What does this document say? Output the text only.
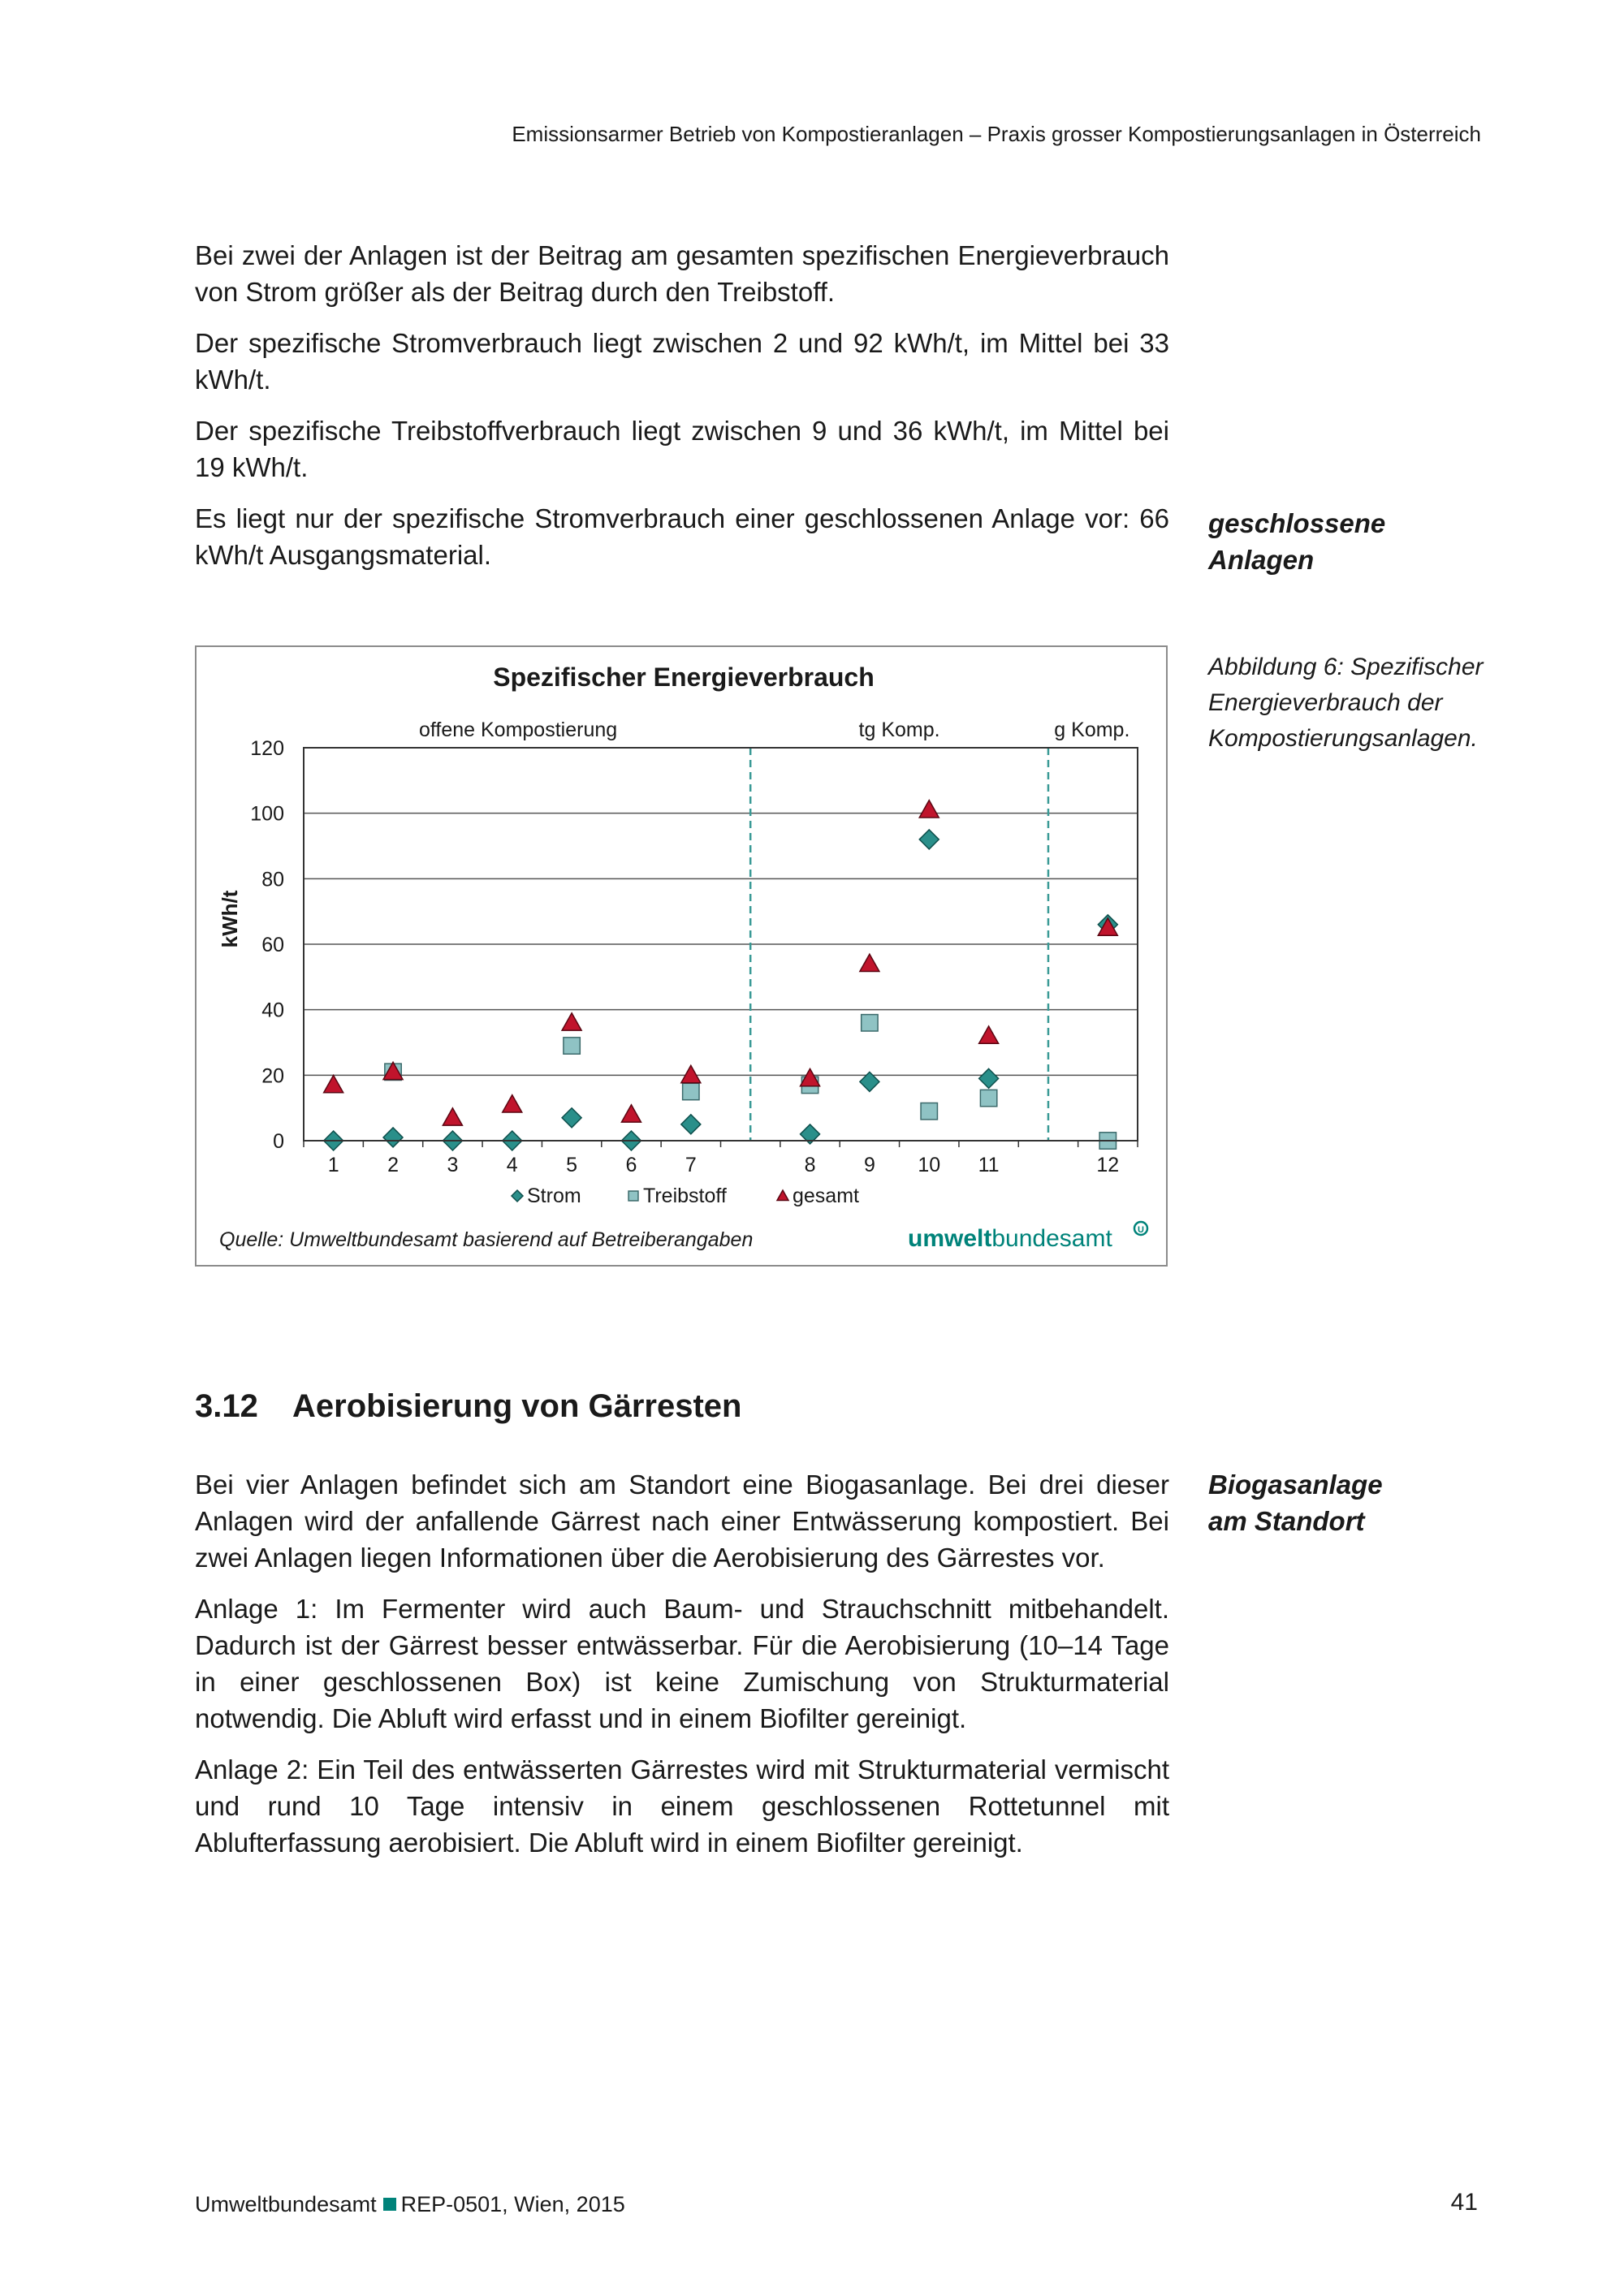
Emissionsarmer Betrieb von Kompostieranlagen – Praxis grosser Kompostierungsanlagen in Österreich

Bei zwei der Anlagen ist der Beitrag am gesamten spezifischen Energieverbrauch von Strom größer als der Beitrag durch den Treibstoff.

Der spezifische Stromverbrauch liegt zwischen 2 und 92 kWh/t, im Mittel bei 33 kWh/t.

Der spezifische Treibstoffverbrauch liegt zwischen 9 und 36 kWh/t, im Mittel bei 19 kWh/t.

Es liegt nur der spezifische Stromverbrauch einer geschlossenen Anlage vor: 66 kWh/t Ausgangsmaterial.

geschlossene
Anlagen
Spezifischer Energieverbrauch
kWh/t
0
20
40
60
80
100
120
1 2 3 4 5 6 7	8 9 10 11	12
offene Kompostierung	tg Komp.	g Komp.
Strom	Treibstoff	gesamt
Quelle: Umweltbundesamt basierend auf Betreiberangaben	umweltbundesamt	U
Abbildung 6: Spezifischer Energieverbrauch der Kompostierungsanlagen.
3.12 Aerobisierung von Gärresten

Bei vier Anlagen befindet sich am Standort eine Biogasanlage. Bei drei dieser Anlagen wird der anfallende Gärrest nach einer Entwässerung kompostiert. Bei zwei Anlagen liegen Informationen über die Aerobisierung des Gärrestes vor.

Anlage 1: Im Fermenter wird auch Baum- und Strauchschnitt mitbehandelt. Dadurch ist der Gärrest besser entwässerbar. Für die Aerobisierung (10–14 Tage in einer geschlossenen Box) ist keine Zumischung von Strukturmaterial notwendig. Die Abluft wird erfasst und in einem Biofilter gereinigt.

Anlage 2: Ein Teil des entwässerten Gärrestes wird mit Strukturmaterial vermischt und rund 10 Tage intensiv in einem geschlossenen Rottetunnel mit Ablufterfassung aerobisiert. Die Abluft wird in einem Biofilter gereinigt.

Biogasanlage
am Standort
Umweltbundesamt REP-0501, Wien, 2015	41
